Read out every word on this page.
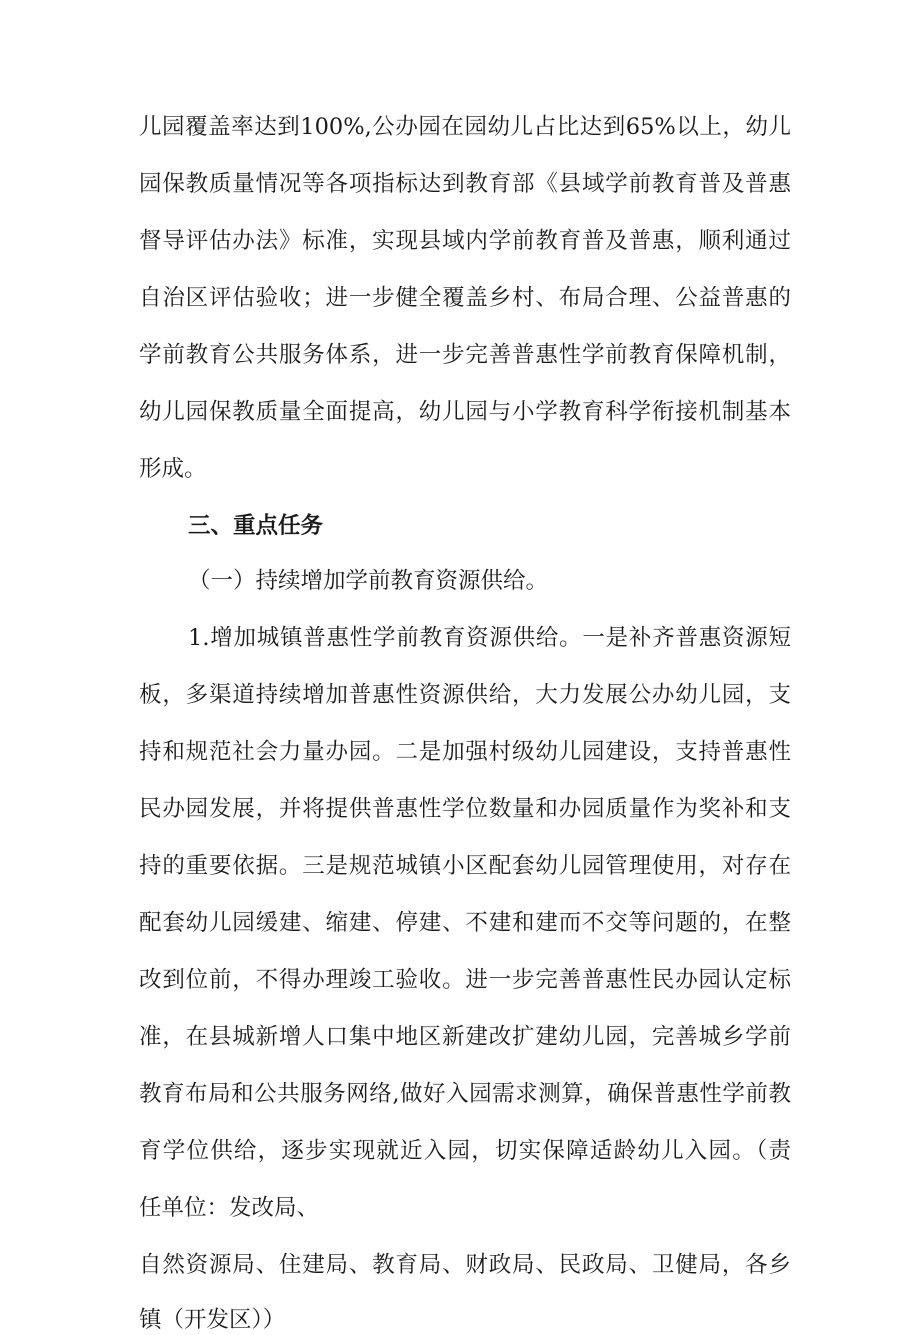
儿园覆盖率达到100%,公办园在园幼儿占比达到65%以上，幼儿
园保教质量情况等各项指标达到教育部《县域学前教育普及普惠
督导评估办法》标准，实现县域内学前教育普及普惠，顺利通过
自治区评估验收；进一步健全覆盖乡村、布局合理、公益普惠的
学前教育公共服务体系，进一步完善普惠性学前教育保障机制，
幼儿园保教质量全面提高，幼儿园与小学教育科学衔接机制基本
形成。
三、重点任务
（一）持续增加学前教育资源供给。
1.增加城镇普惠性学前教育资源供给。一是补齐普惠资源短
板，多渠道持续增加普惠性资源供给，大力发展公办幼儿园，支
持和规范社会力量办园。二是加强村级幼儿园建设，支持普惠性
民办园发展，并将提供普惠性学位数量和办园质量作为奖补和支
持的重要依据。三是规范城镇小区配套幼儿园管理使用，对存在
配套幼儿园缓建、缩建、停建、不建和建而不交等问题的，在整
改到位前，不得办理竣工验收。进一步完善普惠性民办园认定标
准，在县城新增人口集中地区新建改扩建幼儿园，完善城乡学前
教育布局和公共服务网络,做好入园需求测算，确保普惠性学前教
育学位供给，逐步实现就近入园，切实保障适龄幼儿入园。（责
任单位：发改局、
自然资源局、住建局、教育局、财政局、民政局、卫健局，各乡
镇（开发区））
